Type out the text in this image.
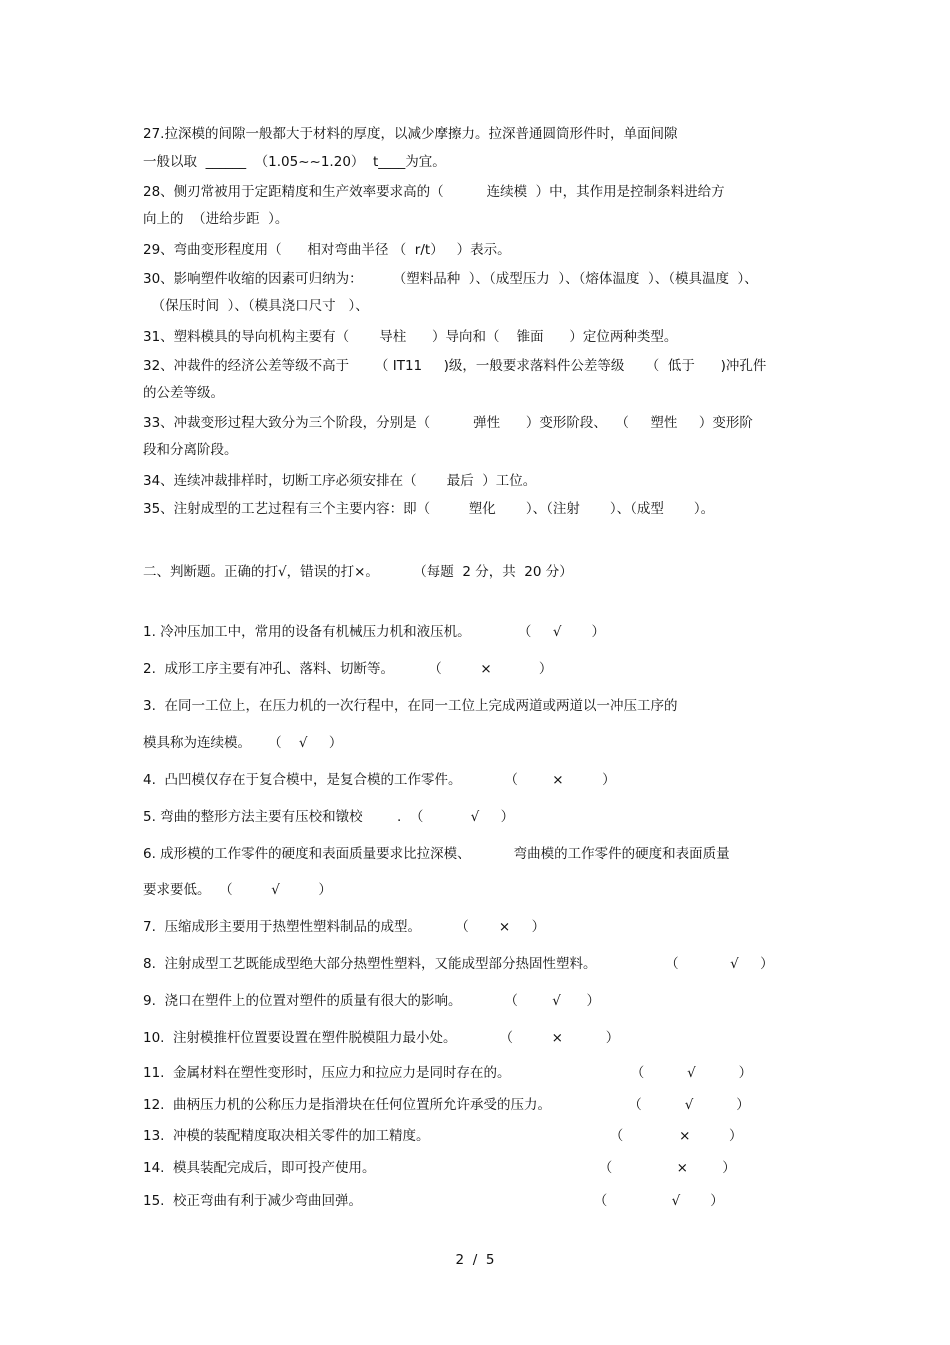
27.拉深模的间隙一般都大于材料的厚度，以减少摩擦力。拉深普通圆筒形件时，单面间隙
一般以取  ______  （1.05~~1.20）  t____为宜。
28、侧刃常被用于定距精度和生产效率要求高的（          连续模  ）中，其作用是控制条料进给方
向上的  （进给步距  ）。
29、弯曲变形程度用（      相对弯曲半径 （  r/t）   ）表示。
30、影响塑件收缩的因素可归纳为：       （塑料品种  ）、（成型压力  ）、（熔体温度  ）、（模具温度  ）、
（保压时间  ）、（模具浇口尺寸   ）、
31、塑料模具的导向机构主要有（       导柱      ）导向和（    锥面      ）定位两种类型。
32、冲裁件的经济公差等级不高于      （ IT11     )级，一般要求落料件公差等级     （  低于      )冲孔件
的公差等级。
33、冲裁变形过程大致分为三个阶段，分别是（          弹性      ）变形阶段、  （     塑性     ）变形阶
段和分离阶段。
34、连续冲裁排样时，切断工序必须安排在（       最后  ）工位。
35、注射成型的工艺过程有三个主要内容：即（         塑化       ）、（注射       ）、（成型       ）。
二、判断题。正确的打√，错误的打×。        （每题  2 分，共  20 分）
1. 冷冲压加工中，常用的设备有机械压力机和液压机。           （     √       ）
2.  成形工序主要有冲孔、落料、切断等。        （         ×           ）
3.  在同一工位上，在压力机的一次行程中，在同一工位上完成两道或两道以一冲压工序的
模具称为连续模。    （    √     ）
4.  凸凹模仅存在于复合模中，是复合模的工作零件。          （        ×         ）
5. 弯曲的整形方法主要有压校和镦校        .  （           √     ）
6. 成形模的工作零件的硬度和表面质量要求比拉深模、          弯曲模的工作零件的硬度和表面质量
要求要低。  （         √         ）
7.  压缩成形主要用于热塑性塑料制品的成型。        （       ×     ）
8.  注射成型工艺既能成型绝大部分热塑性塑料，又能成型部分热固性塑料。                （            √     ）
9.  浇口在塑件上的位置对塑件的质量有很大的影响。          （        √      ）
10.  注射模推杆位置要设置在塑件脱模阻力最小处。          （         ×          ）
11.  金属材料在塑性变形时，压应力和拉应力是同时存在的。                            （          √          ）
12.  曲柄压力机的公称压力是指滑块在任何位置所允许承受的压力。                  （          √          ）
13.  冲模的装配精度取决相关零件的加工精度。                                          （             ×         ）
14.  模具装配完成后，即可投产使用。                                                    （               ×        ）
15.  校正弯曲有利于减少弯曲回弹。                                                      （               √       ）
2  /  5
